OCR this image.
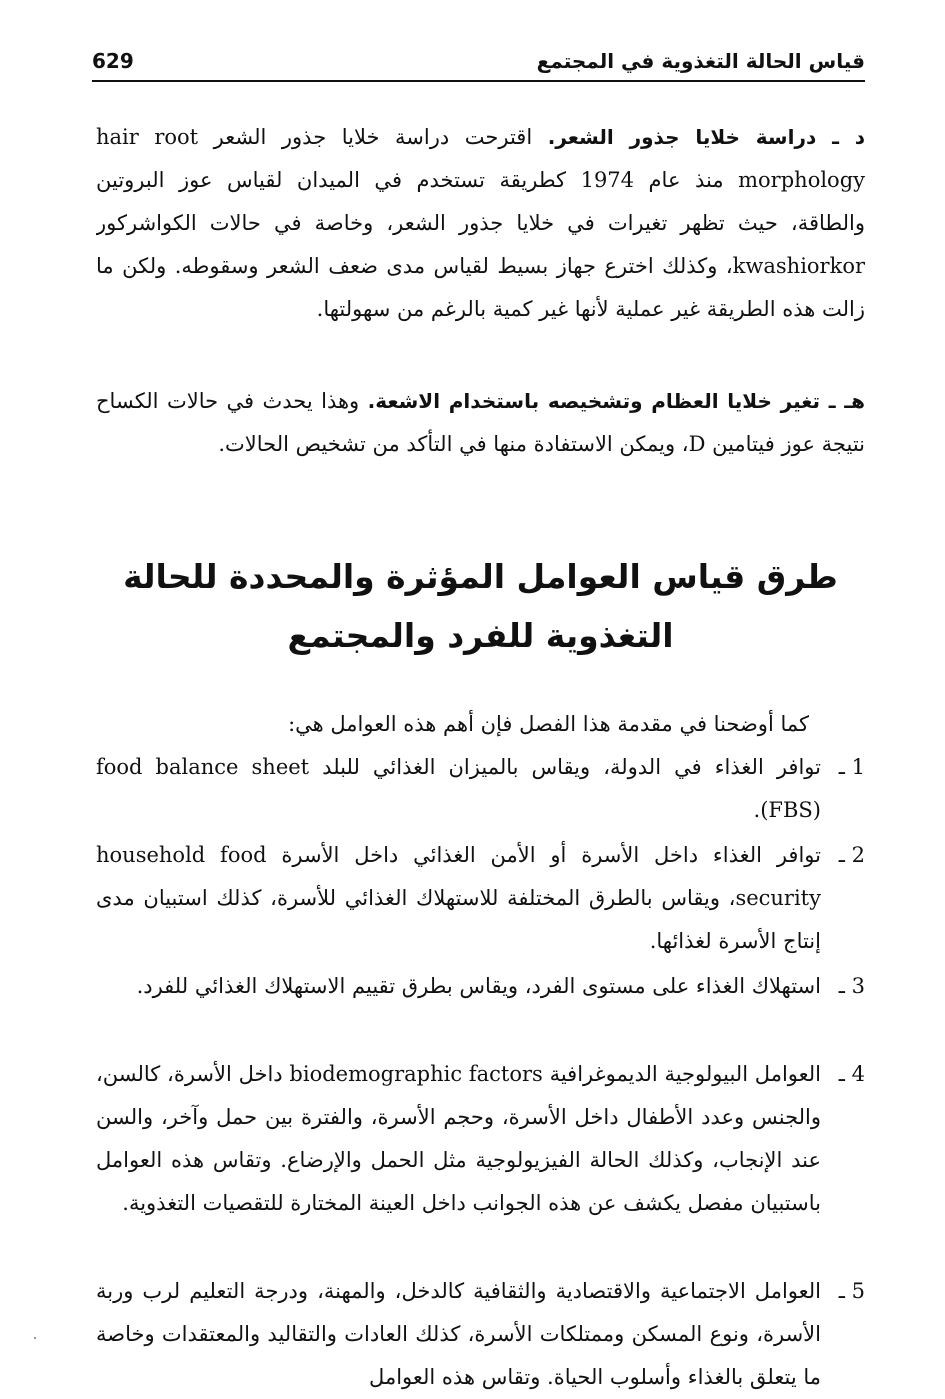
قياس الحالة التغذوية في المجتمع
629

د ـ دراسة خلايا جذور الشعر. اقترحت دراسة خلايا جذور الشعر hair root morphology منذ عام 1974 كطريقة تستخدم في الميدان لقياس عوز البروتين والطاقة، حيث تظهر تغيرات في خلايا جذور الشعر، وخاصة في حالات الكواشركور kwashiorkor، وكذلك اخترع جهاز بسيط لقياس مدى ضعف الشعر وسقوطه. ولكن ما زالت هذه الطريقة غير عملية لأنها غير كمية بالرغم من سهولتها.

هـ ـ تغير خلايا العظام وتشخيصه باستخدام الاشعة. وهذا يحدث في حالات الكساح نتيجة عوز فيتامين D، ويمكن الاستفادة منها في التأكد من تشخيص الحالات.

طرق قياس العوامل المؤثرة والمحددة للحالة
التغذوية للفرد والمجتمع

كما أوضحنا في مقدمة هذا الفصل فإن أهم هذه العوامل هي:

1 ـ
توافر الغذاء في الدولة، ويقاس بالميزان الغذائي للبلد food balance sheet (FBS).
2 ـ
توافر الغذاء داخل الأسرة أو الأمن الغذائي داخل الأسرة household food security، ويقاس بالطرق المختلفة للاستهلاك الغذائي للأسرة، كذلك استبيان مدى إنتاج الأسرة لغذائها.
3 ـ
استهلاك الغذاء على مستوى الفرد، ويقاس بطرق تقييم الاستهلاك الغذائي للفرد.
4 ـ
العوامل البيولوجية الديموغرافية biodemographic factors داخل الأسرة، كالسن، والجنس وعدد الأطفال داخل الأسرة، وحجم الأسرة، والفترة بين حمل وآخر، والسن عند الإنجاب، وكذلك الحالة الفيزيولوجية مثل الحمل والإرضاع. وتقاس هذه العوامل باستبيان مفصل يكشف عن هذه الجوانب داخل العينة المختارة للتقصيات التغذوية.
5 ـ
العوامل الاجتماعية والاقتصادية والثقافية كالدخل، والمهنة، ودرجة التعليم لرب وربة الأسرة، ونوع المسكن وممتلكات الأسرة، كذلك العادات والتقاليد والمعتقدات وخاصة ما يتعلق بالغذاء وأسلوب الحياة. وتقاس هذه العوامل
